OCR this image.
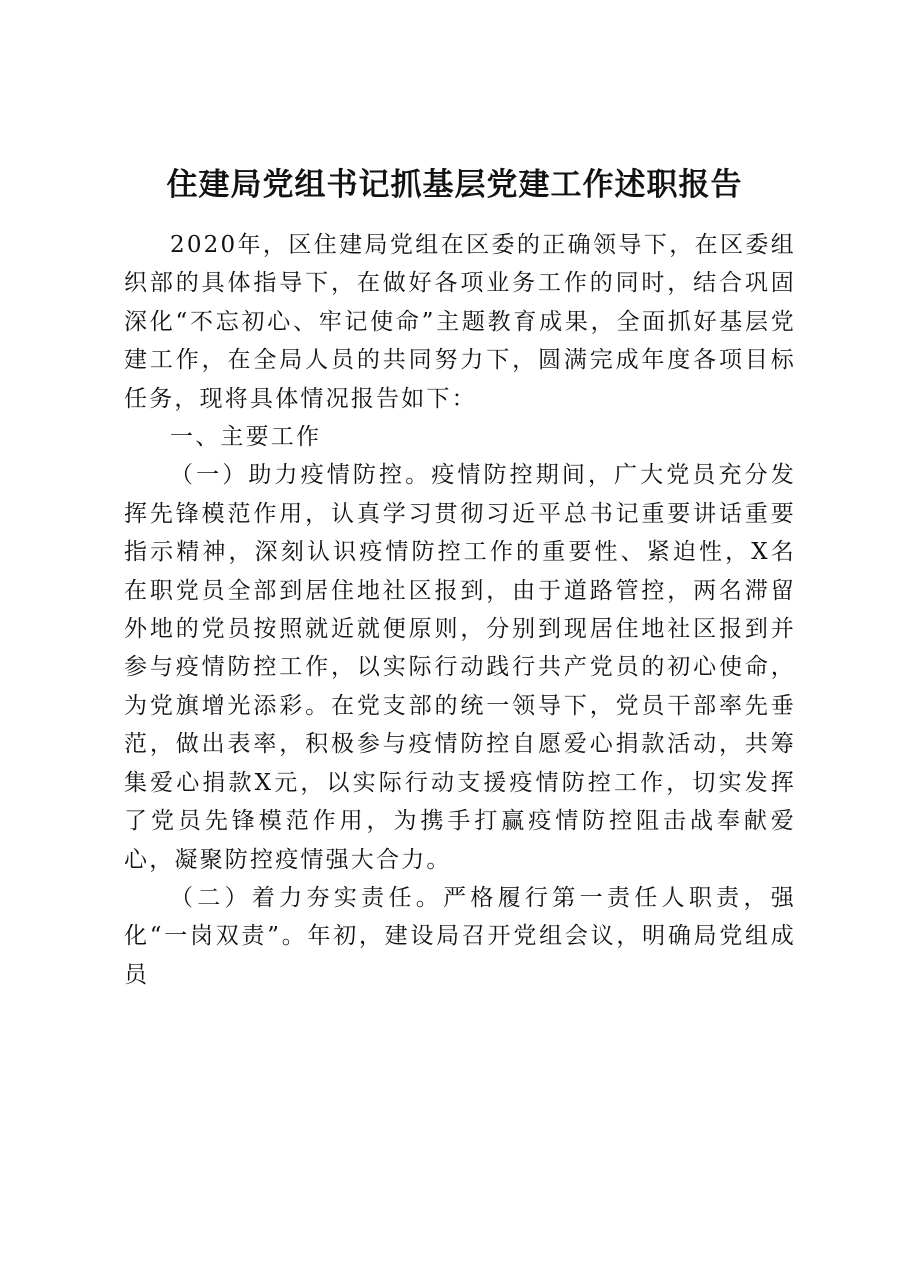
住建局党组书记抓基层党建工作述职报告

2020年，区住建局党组在区委的正确领导下，在区委组织部的具体指导下，在做好各项业务工作的同时，结合巩固深化“不忘初心、牢记使命”主题教育成果，全面抓好基层党建工作，在全局人员的共同努力下，圆满完成年度各项目标任务，现将具体情况报告如下：

一、主要工作

（一）助力疫情防控。疫情防控期间，广大党员充分发挥先锋模范作用，认真学习贯彻习近平总书记重要讲话重要指示精神，深刻认识疫情防控工作的重要性、紧迫性，X名在职党员全部到居住地社区报到，由于道路管控，两名滞留外地的党员按照就近就便原则，分别到现居住地社区报到并参与疫情防控工作，以实际行动践行共产党员的初心使命，为党旗增光添彩。在党支部的统一领导下，党员干部率先垂范，做出表率，积极参与疫情防控自愿爱心捐款活动，共筹集爱心捐款X元，以实际行动支援疫情防控工作，切实发挥了党员先锋模范作用，为携手打赢疫情防控阻击战奉献爱心，凝聚防控疫情强大合力。

（二）着力夯实责任。严格履行第一责任人职责，强化“一岗双责”。年初，建设局召开党组会议，明确局党组成员
